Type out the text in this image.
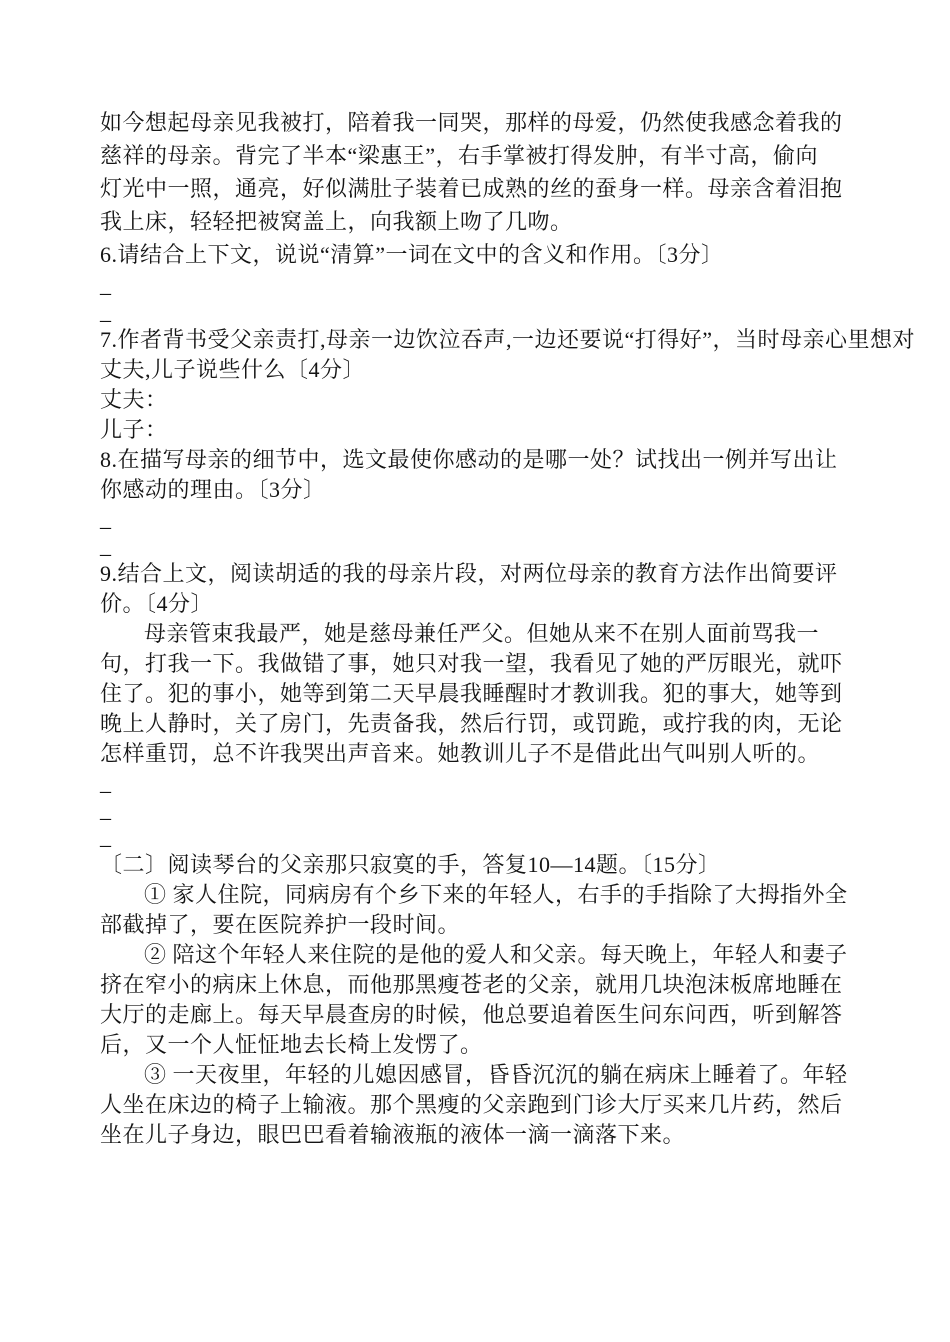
如今想起母亲见我被打，陪着我一同哭，那样的母爱，仍然使我感念着我的
慈祥的母亲。背完了半本“梁惠王”，右手掌被打得发肿，有半寸高，偷向
灯光中一照，通亮，好似满肚子装着已成熟的丝的蚕身一样。母亲含着泪抱
我上床，轻轻把被窝盖上，向我额上吻了几吻。
6.请结合上下文，说说“清算”一词在文中的含义和作用。〔3分〕
_
_
7.作者背书受父亲责打,母亲一边饮泣吞声,一边还要说“打得好”，当时母亲心里想对
丈夫,儿子说些什么〔4分〕
丈夫：
儿子：
8.在描写母亲的细节中，选文最使你感动的是哪一处？试找出一例并写出让
你感动的理由。〔3分〕
_
_
9.结合上文，阅读胡适的我的母亲片段，对两位母亲的教育方法作出简要评
价。〔4分〕
母亲管束我最严，她是慈母兼任严父。但她从来不在别人面前骂我一
句，打我一下。我做错了事，她只对我一望，我看见了她的严厉眼光，就吓
住了。犯的事小，她等到第二天早晨我睡醒时才教训我。犯的事大，她等到
晚上人静时，关了房门，先责备我，然后行罚，或罚跪，或拧我的肉，无论
怎样重罚，总不许我哭出声音来。她教训儿子不是借此出气叫别人听的。
_
_
_
〔二〕阅读琴台的父亲那只寂寞的手，答复10—14题。〔15分〕
① 家人住院，同病房有个乡下来的年轻人，右手的手指除了大拇指外全
部截掉了，要在医院养护一段时间。
② 陪这个年轻人来住院的是他的爱人和父亲。每天晚上，年轻人和妻子
挤在窄小的病床上休息，而他那黑瘦苍老的父亲，就用几块泡沫板席地睡在
大厅的走廊上。每天早晨查房的时候，他总要追着医生问东问西，听到解答
后，又一个人怔怔地去长椅上发愣了。
③ 一天夜里，年轻的儿媳因感冒，昏昏沉沉的躺在病床上睡着了。年轻
人坐在床边的椅子上输液。那个黑瘦的父亲跑到门诊大厅买来几片药，然后
坐在儿子身边，眼巴巴看着输液瓶的液体一滴一滴落下来。
